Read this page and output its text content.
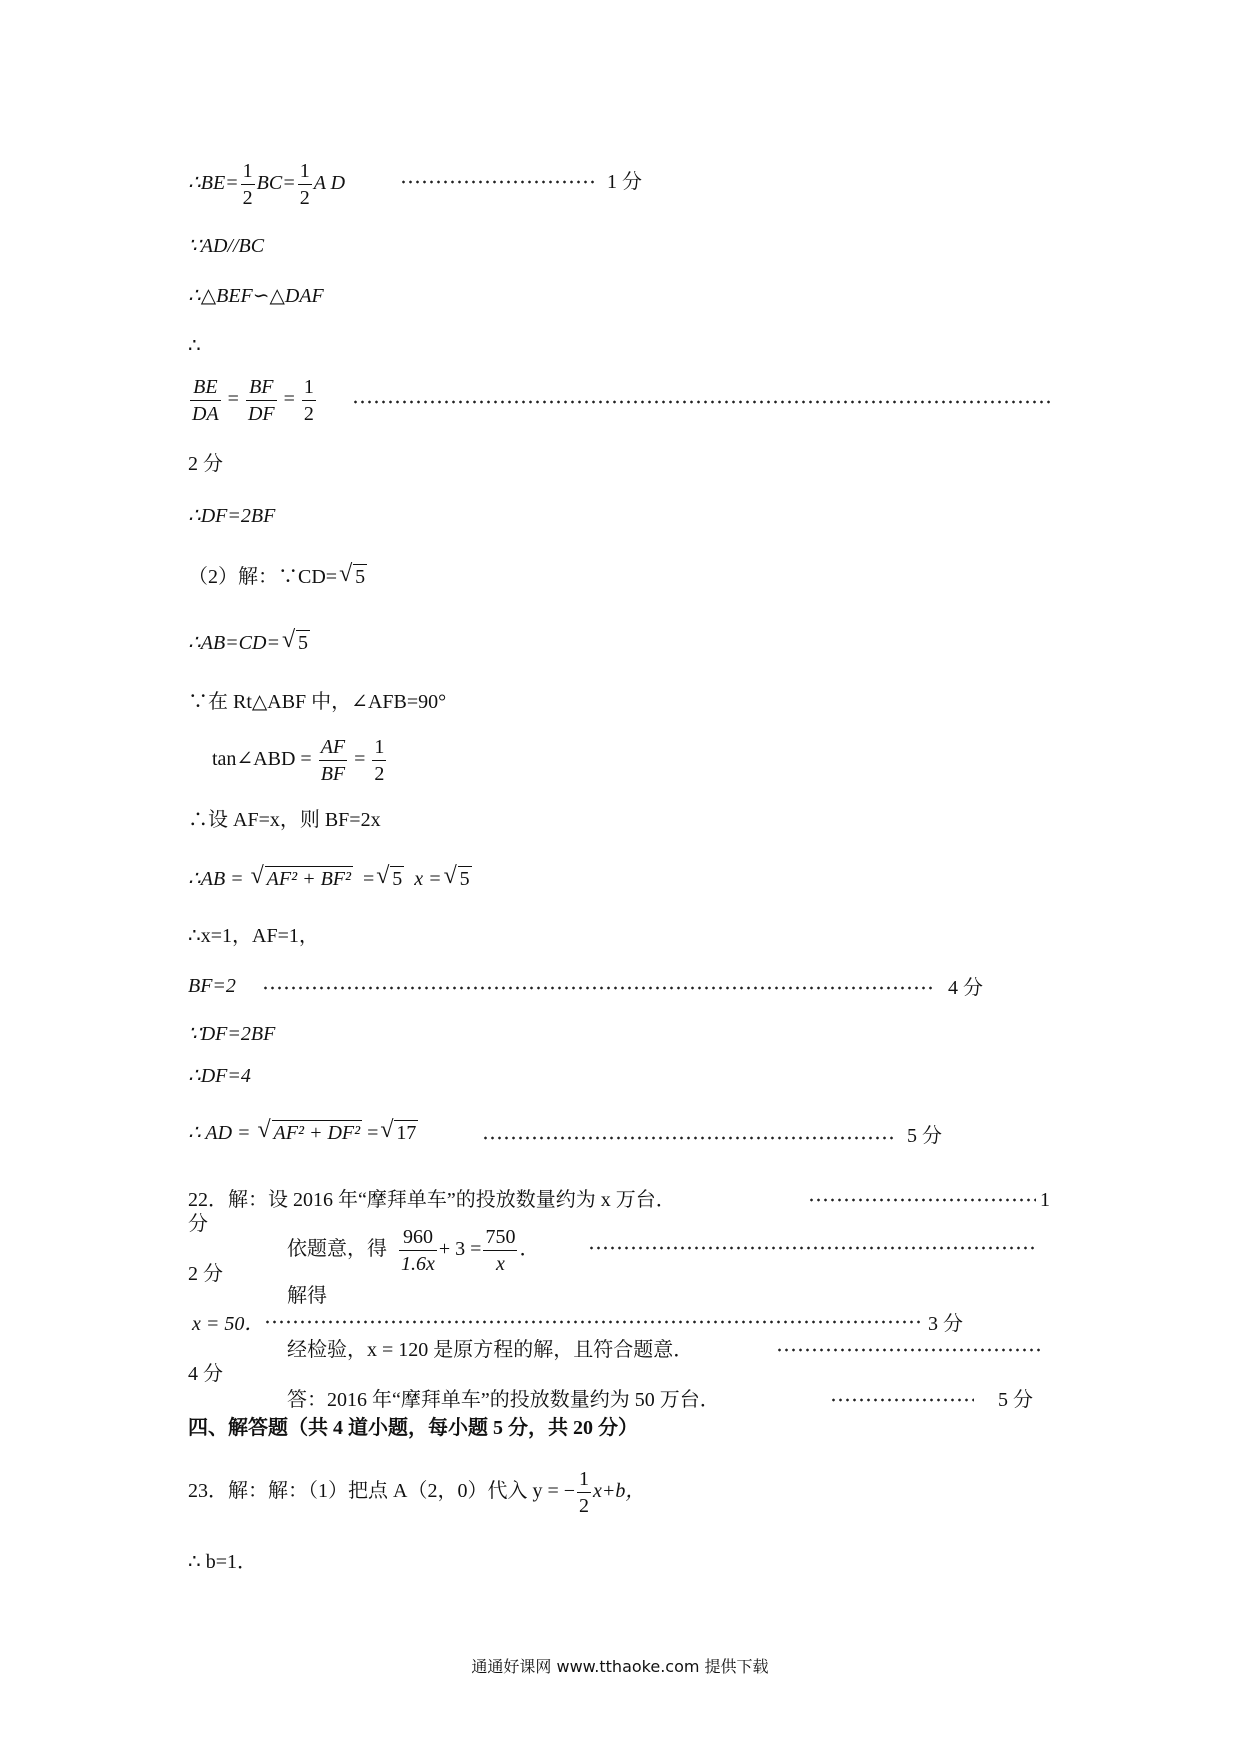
∴BE= $\frac{1}{2} BC= \frac{1}{2}$ A D	1 分
∵AD//BC
∴△BEF∽△DAF
∴
$\frac{BE}{DA} = \frac{BF}{DF} = \frac{1}{2}$
2 分
∴DF=2BF
（2）解：∵CD= √ 5
∴AB=CD= √ 5
∵在 Rt△ABF 中，∠AFB=90°
tan∠ABD = $\frac{AF}{BF} = \frac{1}{2}$
∴设 AF=x，则 BF=2x
∴AB = √ AF² + BF² = √ 5 x = √ 5
∴x=1，AF=1，
BF=2	4 分
∵DF=2BF
∴DF=4
∴ AD = √ AF² + DF² = √ 17	5 分
22．解：设 2016 年“摩拜单车”的投放数量约为 x 万台．	1
分
依题意，得 $\frac{960}{1.6x} + 3 = \frac{750}{x}$ ．
2 分
解得
x = 50．	3 分
经检验，x = 120 是原方程的解，且符合题意．
4 分
答：2016 年“摩拜单车”的投放数量约为 50 万台．	5 分
四、解答题（共 4 道小题，每小题 5 分，共 20 分）
23．解：解：（1）把点 A（2，0）代入 y = − $\frac{1}{2} x+b$，
∴ b=1．
通通好课网 www.tthaoke.com 提供下载
